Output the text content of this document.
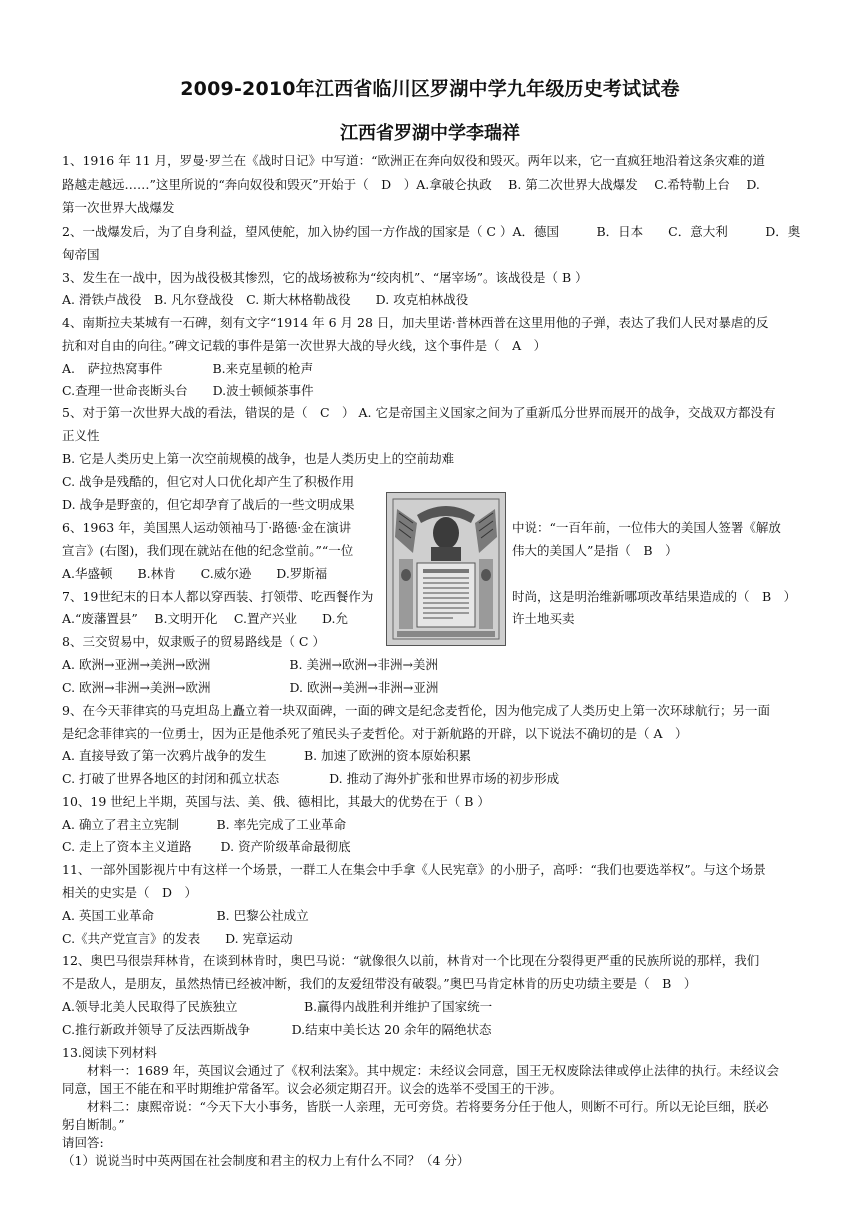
2009-2010年江西省临川区罗湖中学九年级历史考试试卷
江西省罗湖中学李瑞祥
1、1916 年 11 月，罗曼·罗兰在《战时日记》中写道：“欧洲正在奔向奴役和毁灭。两年以来，它一直疯狂地沿着这条灾难的道
路越走越远……”这里所说的“奔向奴役和毁灭”开始于（　D　）A.拿破仑执政　 B. 第二次世界大战爆发　 C.希特勒上台　 D.
第一次世界大战爆发
2、一战爆发后，为了自身利益，望风使舵，加入协约国一方作战的国家是（ C ）A．德国　　　B．日本　　C．意大利　　　D．奥
匈帝国
3、发生在一战中，因为战役极其惨烈，它的战场被称为“绞肉机”、“屠宰场”。该战役是（ B ）
A. 滑铁卢战役　B. 凡尔登战役　C. 斯大林格勒战役　　D. 攻克柏林战役
4、南斯拉夫某城有一石碑，刻有文字“1914 年 6 月 28 日，加夫里诺·普林西普在这里用他的子弹，表达了我们人民对暴虐的反
抗和对自由的向往。”碑文记载的事件是第一次世界大战的导火线，这个事件是（　A　）
A.　萨拉热窝事件　　　　B.来克星顿的枪声
C.查理一世命丧断头台　　D.波士顿倾茶事件
5、对于第一次世界大战的看法，错误的是（　C　） A. 它是帝国主义国家之间为了重新瓜分世界而展开的战争，交战双方都没有
正义性
B. 它是人类历史上第一次空前规模的战争，也是人类历史上的空前劫难
C. 战争是残酷的，但它对人口优化却产生了积极作用
D. 战争是野蛮的，但它却孕育了战后的一些文明成果
6、1963 年，美国黑人运动领袖马丁·路德·金在演讲	中说：“一百年前，一位伟大的美国人签署《解放
宣言》(右图)，我们现在就站在他的纪念堂前。”“一位	伟大的美国人”是指（　B　）
A.华盛顿　　B.林肯　　C.威尔逊　　D.罗斯福
7、19世纪末的日本人都以穿西装、打领带、吃西餐作为	时尚，这是明治维新哪项改革结果造成的（　B　）
A.“废藩置县”　 B.文明开化　 C.置产兴业　　D.允	许土地买卖
8、三交贸易中，奴隶贩子的贸易路线是（ C ）
A. 欧洲→亚洲→美洲→欧洲　　　　　　 B. 美洲→欧洲→非洲→美洲
C. 欧洲→非洲→美洲→欧洲　　　　　　 D. 欧洲→美洲→非洲→亚洲
9、在今天菲律宾的马克坦岛上矗立着一块双面碑，一面的碑文是纪念麦哲伦，因为他完成了人类历史上第一次环球航行；另一面
是纪念菲律宾的一位勇士，因为正是他杀死了殖民头子麦哲伦。对于新航路的开辟，以下说法不确切的是（ A　）
A. 直接导致了第一次鸦片战争的发生　　　B. 加速了欧洲的资本原始积累
C. 打破了世界各地区的封闭和孤立状态　　　　D. 推动了海外扩张和世界市场的初步形成
10、19 世纪上半期，英国与法、美、俄、德相比，其最大的优势在于（ B ）
A. 确立了君主立宪制　　　B. 率先完成了工业革命
C. 走上了资本主义道路　　 D. 资产阶级革命最彻底
11、一部外国影视片中有这样一个场景，一群工人在集会中手拿《人民宪章》的小册子，高呼：“我们也要选举权”。与这个场景
相关的史实是（　D　）
A. 英国工业革命　　　　　B. 巴黎公社成立
C.《共产党宣言》的发表　　D. 宪章运动
12、奥巴马很崇拜林肯，在谈到林肯时，奥巴马说：“就像很久以前，林肯对一个比现在分裂得更严重的民族所说的那样，我们
不是敌人，是朋友，虽然热情已经被冲断，我们的友爱纽带没有破裂。”奥巴马肯定林肯的历史功绩主要是（　B　）
A.领导北美人民取得了民族独立　　　　　 B.赢得内战胜利并维护了国家统一
C.推行新政并领导了反法西斯战争　　　 D.结束中美长达 20 余年的隔绝状态
13.阅读下列材料
　　材料一：1689 年，英国议会通过了《权利法案》。其中规定：未经议会同意，国王无权废除法律或停止法律的执行。未经议会
同意，国王不能在和平时期维护常备军。议会必须定期召开。议会的选举不受国王的干涉。
　　材料二：康熙帝说：“今天下大小事务，皆朕一人亲理，无可旁贷。若将要务分任于他人，则断不可行。所以无论巨细，朕必
躬自断制。”
请回答:
（1）说说当时中英两国在社会制度和君主的权力上有什么不同？（4 分）
